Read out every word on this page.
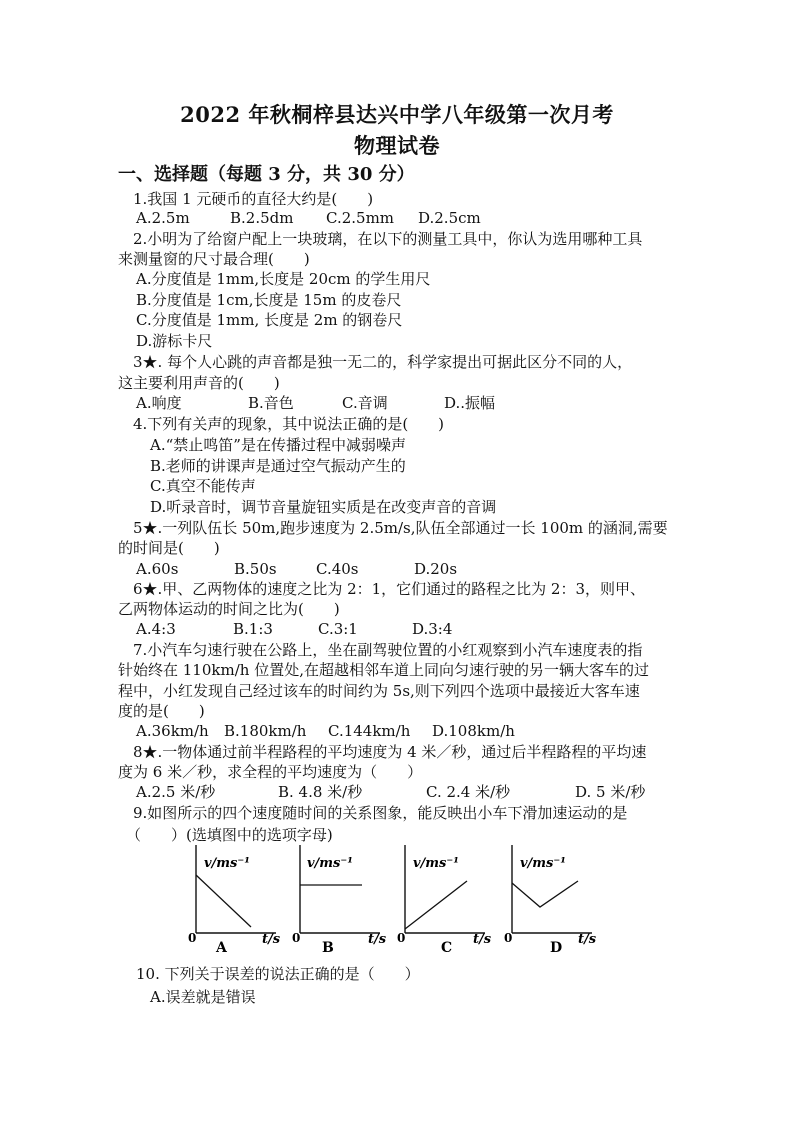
2022 年秋桐梓县达兴中学八年级第一次月考
物理试卷
一、选择题（每题 3 分，共 30 分）
1.我国 1 元硬币的直径大约是(　　)
A.2.5m	B.2.5dm C.2.5mm D.2.5cm
2.小明为了给窗户配上一块玻璃，在以下的测量工具中，你认为选用哪种工具
来测量窗的尺寸最合理(　　)
A.分度值是 1mm,长度是 20cm 的学生用尺
B.分度值是 1cm,长度是 15m 的皮卷尺
C.分度值是 1mm, 长度是 2m 的钢卷尺
D.游标卡尺
3★. 每个人心跳的声音都是独一无二的，科学家提出可据此区分不同的人，
这主要利用声音的(　　)
A.响度	B.音色	C.音调	D..振幅
4.下列有关声的现象，其中说法正确的是(　　)
A.“禁止鸣笛”是在传播过程中减弱噪声
B.老师的讲课声是通过空气振动产生的
C.真空不能传声
D.听录音时，调节音量旋钮实质是在改变声音的音调
5★.一列队伍长 50m,跑步速度为 2.5m/s,队伍全部通过一长 100m 的涵洞,需要
的时间是(　　)
A.60s	B.50s	C.40s	D.20s
6★.甲、乙两物体的速度之比为 2：1，它们通过的路程之比为 2：3，则甲、
乙两物体运动的时间之比为(　　)
A.4:3	B.1:3	C.3:1	D.3:4
7.小汽车匀速行驶在公路上，坐在副驾驶位置的小红观察到小汽车速度表的指
针始终在 110km/h 位置处,在超越相邻车道上同向匀速行驶的另一辆大客车的过
程中，小红发现自己经过该车的时间约为 5s,则下列四个选项中最接近大客车速
度的是(　　)
A.36km/h B.180km/h C.144km/h D.108km/h
8★.一物体通过前半程路程的平均速度为 4 米／秒，通过后半程路程的平均速
度为 6 米／秒，求全程的平均速度为（　　）
A.2.5 米/秒	B. 4.8 米/秒	C. 2.4 米/秒	D. 5 米/秒
9.如图所示的四个速度随时间的关系图象，能反映出小车下滑加速运动的是
（　　）(选填图中的选项字母)
v/ms⁻¹
0	t/s
A
v/ms⁻¹
0	t/s
B
v/ms⁻¹
0	t/s
C
v/ms⁻¹
0	t/s
D
10. 下列关于误差的说法正确的是（　　）
A.误差就是错误
